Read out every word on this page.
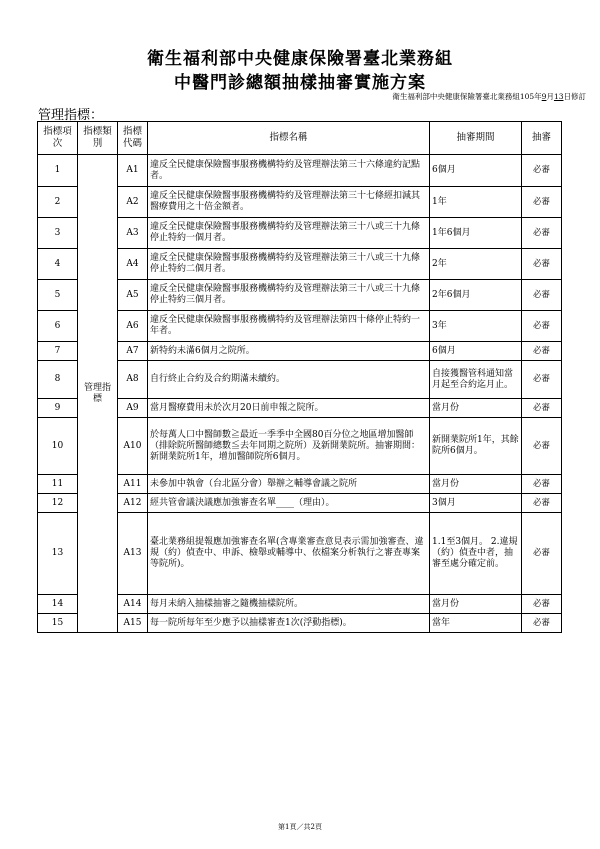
衛生福利部中央健康保險署臺北業務組
中醫門診總額抽樣抽審實施方案
衛生福利部中央健康保險署臺北業務組105年9月13日修訂
管理指標：
指標項次	指標類別	指標代碼	指標名稱	抽審期間	抽審
1	管理指標	A1	違反全民健康保險醫事服務機構特約及管理辦法第三十六條違約記點者。	6個月	必審
2		A2	違反全民健康保險醫事服務機構特約及管理辦法第三十七條經扣減其醫療費用之十倍金額者。	1年	必審
3		A3	違反全民健康保險醫事服務機構特約及管理辦法第三十八或三十九條停止特約一個月者。	1年6個月	必審
4		A4	違反全民健康保險醫事服務機構特約及管理辦法第三十八或三十九條停止特約二個月者。	2年	必審
5		A5	違反全民健康保險醫事服務機構特約及管理辦法第三十八或三十九條停止特約三個月者。	2年6個月	必審
6		A6	違反全民健康保險醫事服務機構特約及管理辦法第四十條停止特約一年者。	3年	必審
7		A7	新特約未滿6個月之院所。	6個月	必審
8		A8	自行終止合約及合約期滿未續約。	自接獲醫管科通知當月起至合約迄月止。	必審
9		A9	當月醫療費用未於次月20日前申報之院所。	當月份	必審
10		A10	於每萬人口中醫師數≧最近一季季中全國80百分位之地區增加醫師（排除院所醫師總數≦去年同期之院所）及新開業院所。抽審期間：新開業院所1年，增加醫師院所6個月。	新開業院所1年，其餘院所6個月。	必審
11		A11	未參加中執會（台北區分會）舉辦之輔導會議之院所	當月份	必審
12		A12	經共管會議決議應加強審查名單____（理由）。	3個月	必審
13		A13	臺北業務組提報應加強審查名單(含專業審查意見表示需加強審查、違規（約）偵查中、申訴、檢舉或輔導中、依檔案分析執行之審查專案等院所)。	1.1至3個月。 2.違規（約）偵查中者，抽審至處分確定前。	必審
14		A14	每月未納入抽樣抽審之隨機抽樣院所。	當月份	必審
15		A15	每一院所每年至少應予以抽樣審查1次(浮動指標)。	當年	必審
第1頁／共2頁
